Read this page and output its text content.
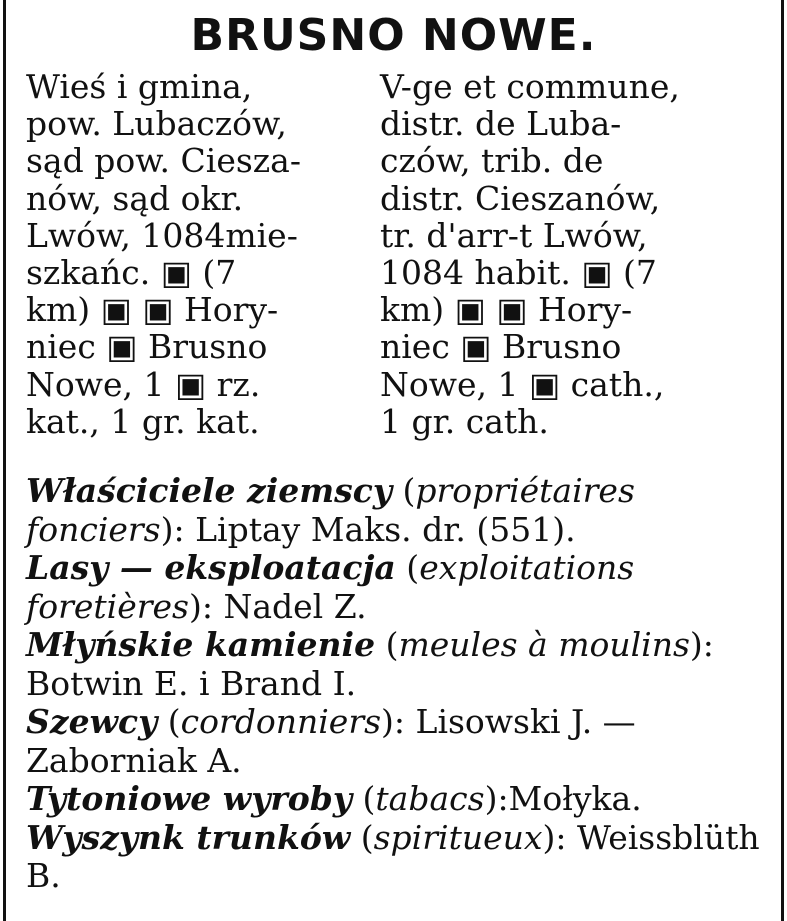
BRUSNO NOWE.
Wieś i gmina,
pow. Lubaczów,
sąd pow. Ciesza-
nów, sąd okr.
Lwów, 1084mie-
szkańc. ▣ (7
km) ▣ ▣ Hory-
niec ▣ Brusno
Nowe, 1 ▣ rz.
kat., 1 gr. kat.
V-ge et commune,
distr. de Luba-
czów, trib. de
distr. Cieszanów,
tr. d'arr-t Lwów,
1084 habit. ▣ (7
km) ▣ ▣ Hory-
niec ▣ Brusno
Nowe, 1 ▣ cath.,
1 gr. cath.
Właściciele ziemscy (propriétaires fonciers): Liptay Maks. dr. (551).
Lasy — eksploatacja (exploitations foretières): Nadel Z.
Młyńskie kamienie (meules à moulins): Botwin E. i Brand I.
Szewcy (cordonniers): Lisowski J. — Zaborniak A.
Tytoniowe wyroby (tabacs):Mołyka.
Wyszynk trunków (spiritueux): Weissblüth B.
